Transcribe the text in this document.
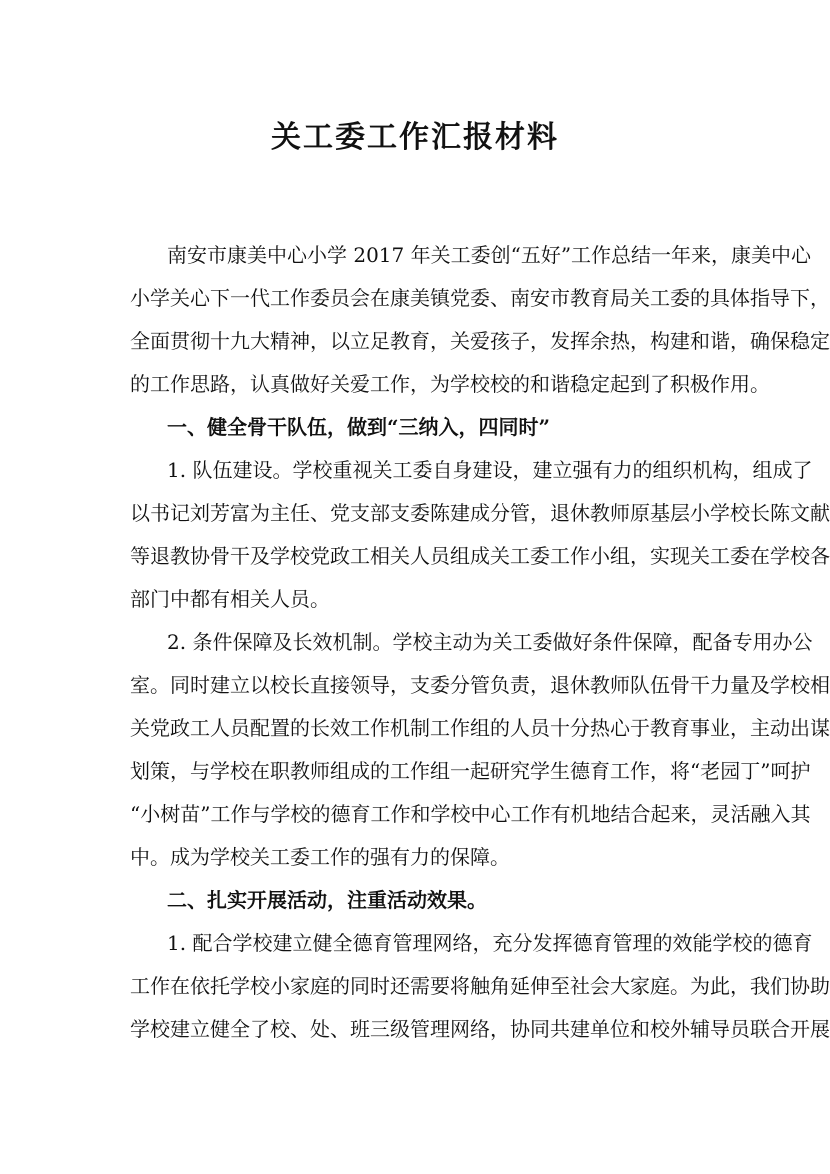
关工委工作汇报材料
南安市康美中心小学 2017 年关工委创“五好”工作总结一年来，康美中心
小学关心下一代工作委员会在康美镇党委、南安市教育局关工委的具体指导下，
全面贯彻十九大精神，以立足教育，关爱孩子，发挥余热，构建和谐，确保稳定
的工作思路，认真做好关爱工作，为学校校的和谐稳定起到了积极作用。
一、健全骨干队伍，做到“三纳入，四同时”
1. 队伍建设。学校重视关工委自身建设，建立强有力的组织机构，组成了
以书记刘芳富为主任、党支部支委陈建成分管，退休教师原基层小学校长陈文献
等退教协骨干及学校党政工相关人员组成关工委工作小组，实现关工委在学校各
部门中都有相关人员。
2. 条件保障及长效机制。学校主动为关工委做好条件保障，配备专用办公
室。同时建立以校长直接领导，支委分管负责，退休教师队伍骨干力量及学校相
关党政工人员配置的长效工作机制工作组的人员十分热心于教育事业，主动出谋
划策，与学校在职教师组成的工作组一起研究学生德育工作，将“老园丁”呵护
“小树苗”工作与学校的德育工作和学校中心工作有机地结合起来，灵活融入其
中。成为学校关工委工作的强有力的保障。
二、扎实开展活动，注重活动效果。
1. 配合学校建立健全德育管理网络，充分发挥德育管理的效能学校的德育
工作在依托学校小家庭的同时还需要将触角延伸至社会大家庭。为此，我们协助
学校建立健全了校、处、班三级管理网络，协同共建单位和校外辅导员联合开展
